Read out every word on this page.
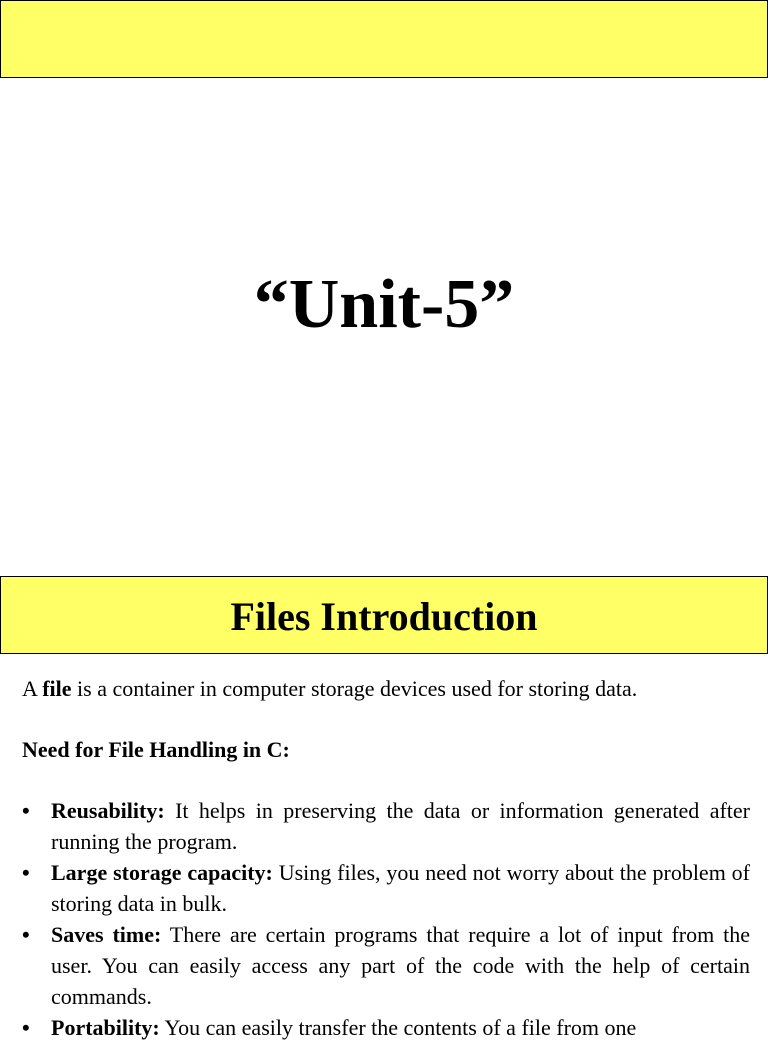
“Unit-5”
Files Introduction

A file is a container in computer storage devices used for storing data.

Need for File Handling in C:

• Reusability: It helps in preserving the data or information generated after running the program.
• Large storage capacity: Using files, you need not worry about the problem of storing data in bulk.
• Saves time: There are certain programs that require a lot of input from the user. You can easily access any part of the code with the help of certain commands.
• Portability: You can easily transfer the contents of a file from one
